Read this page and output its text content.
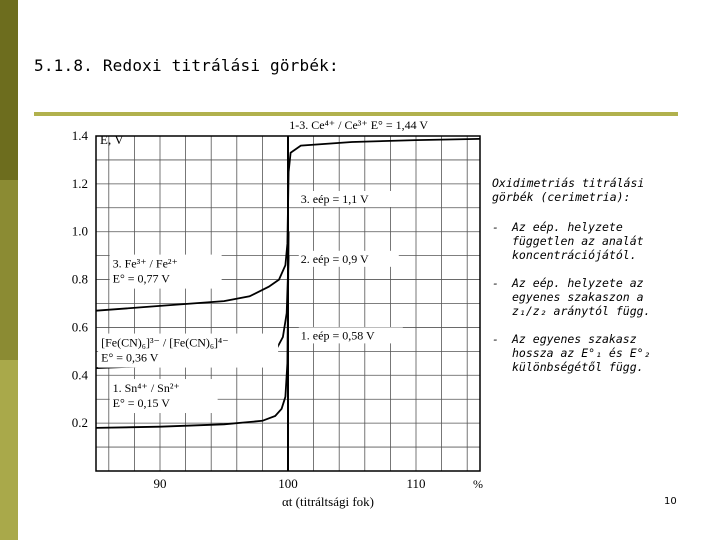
5.1.8. Redoxi titrálási görbék:
0.2
0.4
0.6
0.8
1.0
1.2
1.4
90	100	110	%
E, V
αt (titráltsági fok)
3. Fe³⁺ / Fe²⁺
E° = 0,77 V
[Fe(CN)₆]³⁻ / [Fe(CN)₆]⁴⁻
E° = 0,36 V
1. Sn⁴⁺ / Sn²⁺
E° = 0,15 V
1-3. Ce⁴⁺ / Ce³⁺ E° = 1,44 V
3. eép = 1,1 V
2. eép = 0,9 V
1. eép = 0,58 V
Oxidimetriás titrálási görbék (cerimetria):
-	Az eép. helyzete független az analát koncentrációjától.
-	Az eép. helyzete az egyenes szakaszon a z₁/z₂ aránytól függ.
-	Az egyenes szakasz hossza az E°₁ és E°₂ különbségétől függ.
10
